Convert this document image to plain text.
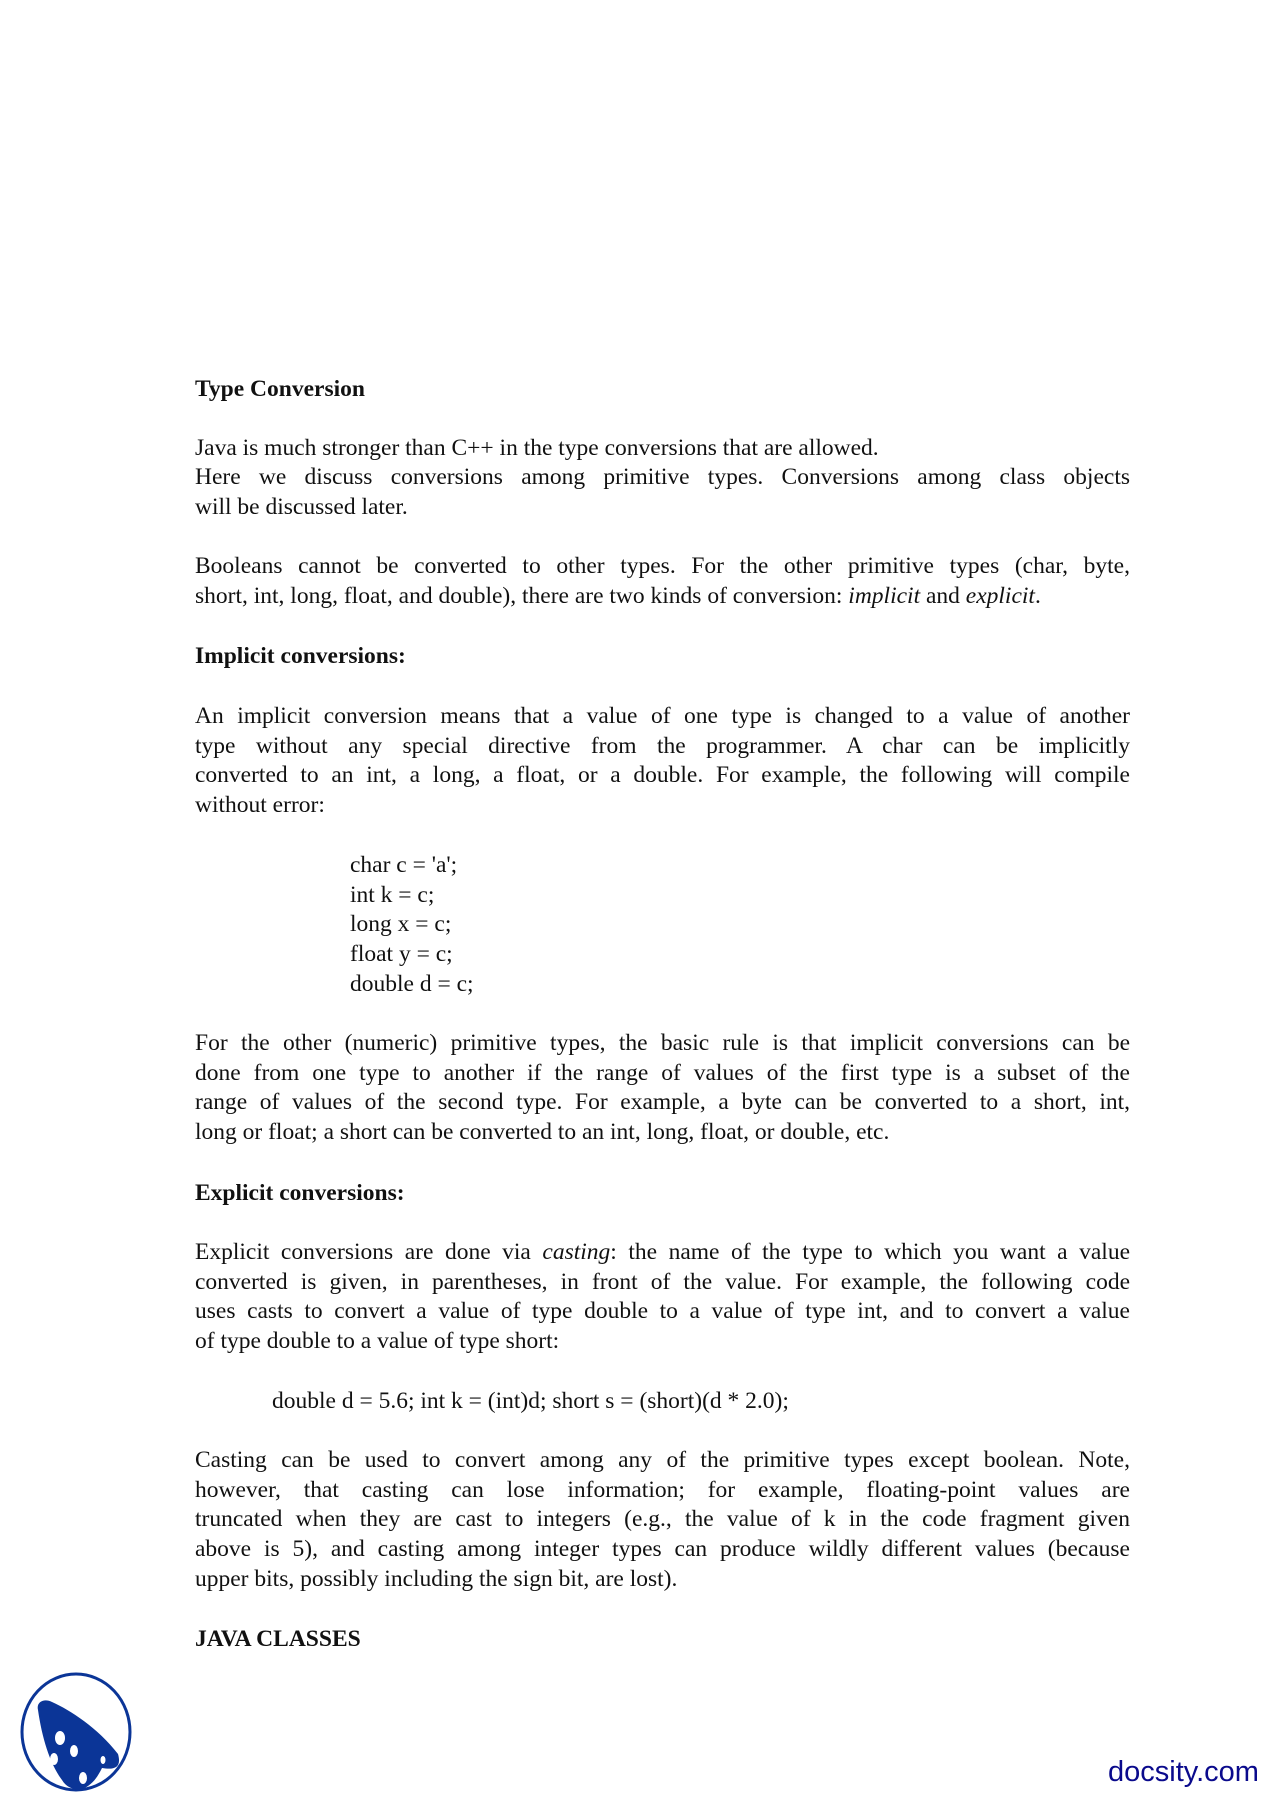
Type Conversion
Java is much stronger than C++ in the type conversions that are allowed.
Here we discuss conversions among primitive types. Conversions among class objects
will be discussed later.
Booleans cannot be converted to other types. For the other primitive types (char, byte,
short, int, long, float, and double), there are two kinds of conversion: implicit and explicit.
Implicit conversions:
An implicit conversion means that a value of one type is changed to a value of another
type without any special directive from the programmer. A char can be implicitly
converted to an int, a long, a float, or a double. For example, the following will compile
without error:
char c = 'a';
int k = c;
long x = c;
float y = c;
double d = c;
For the other (numeric) primitive types, the basic rule is that implicit conversions can be
done from one type to another if the range of values of the first type is a subset of the
range of values of the second type. For example, a byte can be converted to a short, int,
long or float; a short can be converted to an int, long, float, or double, etc.
Explicit conversions:
Explicit conversions are done via casting: the name of the type to which you want a value
converted is given, in parentheses, in front of the value. For example, the following code
uses casts to convert a value of type double to a value of type int, and to convert a value
of type double to a value of type short:
double d = 5.6; int k = (int)d; short s = (short)(d * 2.0);
Casting can be used to convert among any of the primitive types except boolean. Note,
however, that casting can lose information; for example, floating-point values are
truncated when they are cast to integers (e.g., the value of k in the code fragment given
above is 5), and casting among integer types can produce wildly different values (because
upper bits, possibly including the sign bit, are lost).
JAVA CLASSES
docsity.com
